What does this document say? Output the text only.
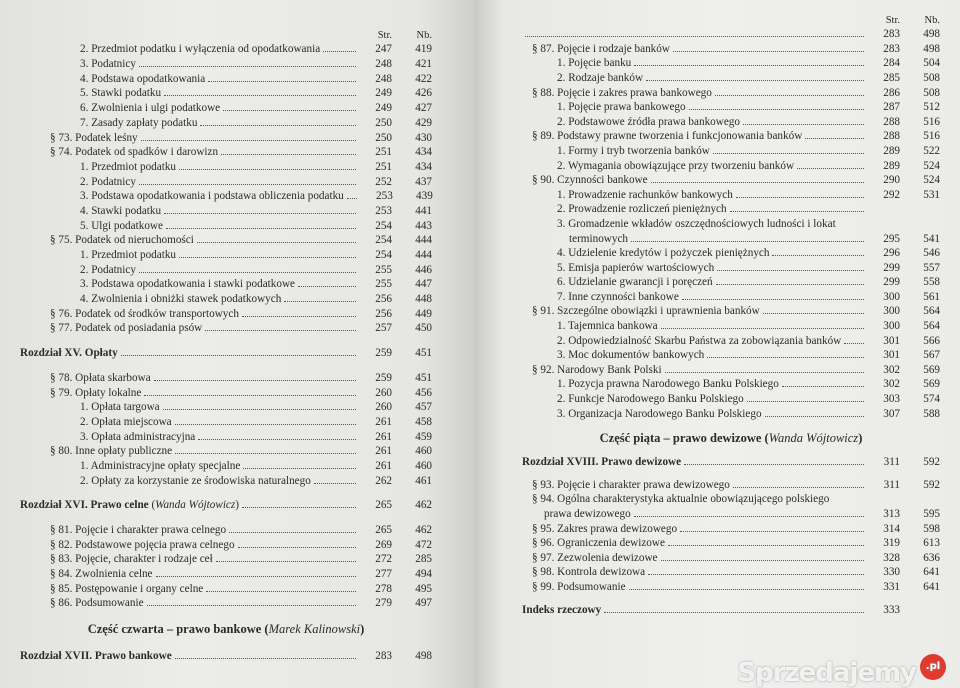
Str.	Nb.
2. Przedmiot podatku i wyłączenia od opodatkowania	247	419
3. Podatnicy	248	421
4. Podstawa opodatkowania	248	422
5. Stawki podatku	249	426
6. Zwolnienia i ulgi podatkowe	249	427
7. Zasady zapłaty podatku	250	429
§ 73. Podatek leśny	250	430
§ 74. Podatek od spadków i darowizn	251	434
1. Przedmiot podatku	251	434
2. Podatnicy	252	437
3. Podstawa opodatkowania i podstawa obliczenia podatku	253	439
4. Stawki podatku	253	441
5. Ulgi podatkowe	254	443
§ 75. Podatek od nieruchomości	254	444
1. Przedmiot podatku	254	444
2. Podatnicy	255	446
3. Podstawa opodatkowania i stawki podatkowe	255	447
4. Zwolnienia i obniżki stawek podatkowych	256	448
§ 76. Podatek od środków transportowych	256	449
§ 77. Podatek od posiadania psów	257	450
Rozdział XV. Opłaty	259	451
§ 78. Opłata skarbowa	259	451
§ 79. Opłaty lokalne	260	456
1. Opłata targowa	260	457
2. Opłata miejscowa	261	458
3. Opłata administracyjna	261	459
§ 80. Inne opłaty publiczne	261	460
1. Administracyjne opłaty specjalne	261	460
2. Opłaty za korzystanie ze środowiska naturalnego	262	461
Rozdział XVI. Prawo celne ( Wanda Wójtowicz )	265	462
§ 81. Pojęcie i charakter prawa celnego	265	462
§ 82. Podstawowe pojęcia prawa celnego	269	472
§ 83. Pojęcie, charakter i rodzaje ceł	272	285
§ 84. Zwolnienia celne	277	494
§ 85. Postępowanie i organy celne	278	495
§ 86. Podsumowanie	279	497
Część czwarta – prawo bankowe ( Marek Kalinowski )
Rozdział XVII. Prawo bankowe	283	498
Str.	Nb.
283	498
§ 87. Pojęcie i rodzaje banków	283	498
1. Pojęcie banku	284	504
2. Rodzaje banków	285	508
§ 88. Pojęcie i zakres prawa bankowego	286	508
1. Pojęcie prawa bankowego	287	512
2. Podstawowe źródła prawa bankowego	288	516
§ 89. Podstawy prawne tworzenia i funkcjonowania banków	288	516
1. Formy i tryb tworzenia banków	289	522
2. Wymagania obowiązujące przy tworzeniu banków	289	524
§ 90. Czynności bankowe	290	524
1. Prowadzenie rachunków bankowych	292	531
2. Prowadzenie rozliczeń pieniężnych
3. Gromadzenie wkładów oszczędnościowych ludności i lokat
terminowych	295	541
4. Udzielenie kredytów i pożyczek pieniężnych	296	546
5. Emisja papierów wartościowych	299	557
6. Udzielanie gwarancji i poręczeń	299	558
7. Inne czynności bankowe	300	561
§ 91. Szczególne obowiązki i uprawnienia banków	300	564
1. Tajemnica bankowa	300	564
2. Odpowiedzialność Skarbu Państwa za zobowiązania banków	301	566
3. Moc dokumentów bankowych	301	567
§ 92. Narodowy Bank Polski	302	569
1. Pozycja prawna Narodowego Banku Polskiego	302	569
2. Funkcje Narodowego Banku Polskiego	303	574
3. Organizacja Narodowego Banku Polskiego	307	588
Część piąta – prawo dewizowe ( Wanda Wójtowicz )
Rozdział XVIII. Prawo dewizowe	311	592
§ 93. Pojęcie i charakter prawa dewizowego	311	592
§ 94. Ogólna charakterystyka aktualnie obowiązującego polskiego
prawa dewizowego	313	595
§ 95. Zakres prawa dewizowego	314	598
§ 96. Ograniczenia dewizowe	319	613
§ 97. Zezwolenia dewizowe	328	636
§ 98. Kontrola dewizowa	330	641
§ 99. Podsumowanie	331	641
Indeks rzeczowy	333
Sprzedajemy .pl
